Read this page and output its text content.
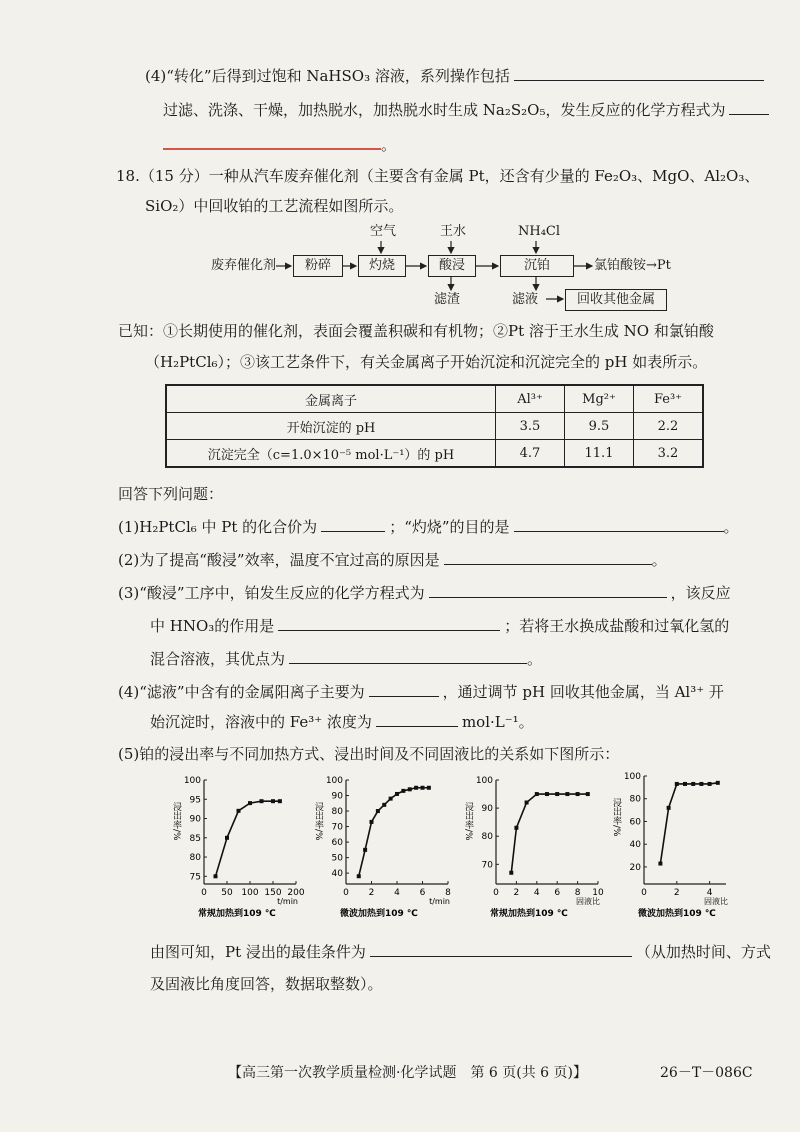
(4)“转化”后得到过饱和 NaHSO₃ 溶液，系列操作包括
过滤、洗涤、干燥，加热脱水，加热脱水时生成 Na₂S₂O₅，发生反应的化学方程式为
。
18.（15 分）一种从汽车废弃催化剂（主要含有金属 Pt，还含有少量的 Fe₂O₃、MgO、Al₂O₃、
SiO₂）中回收铂的工艺流程如图所示。
废弃催化剂	粉碎	灼烧	酸浸	沉铂	氯铂酸铵→Pt
空气	王水	NH₄Cl
滤渣	滤液	回收其他金属
已知：①长期使用的催化剂，表面会覆盖积碳和有机物；②Pt 溶于王水生成 NO 和氯铂酸
（H₂PtCl₆）；③该工艺条件下，有关金属离子开始沉淀和沉淀完全的 pH 如表所示。
金属离子	Al³⁺	Mg²⁺	Fe³⁺
开始沉淀的 pH	3.5	9.5	2.2
沉淀完全（c=1.0×10⁻⁵ mol·L⁻¹）的 pH	4.7	11.1	3.2
回答下列问题：
(1)H₂PtCl₆ 中 Pt 的化合价为	；“灼烧”的目的是	。
(2)为了提高“酸浸”效率，温度不宜过高的原因是	。
(3)“酸浸”工序中，铂发生反应的化学方程式为	，该反应
中 HNO₃的作用是	；若将王水换成盐酸和过氧化氢的
混合溶液，其优点为	。
(4)“滤液”中含有的金属阳离子主要为	，通过调节 pH 回收其他金属，当 Al³⁺ 开
始沉淀时，溶液中的 Fe³⁺ 浓度为	mol·L⁻¹。
(5)铂的浸出率与不同加热方式、浸出时间及不同固液比的关系如下图所示：
75
80
85
90
95
100
0 50 100 150 200
t/min
浸出率/%
常规加热到109 ℃
40
50
60
70
80
90
100
0 2 4 6 8
t/min
浸出率/%
微波加热到109 ℃
70
80
90
100
0 2 4 6 8 10
固液比
浸出率/%
常规加热到109 ℃
20
40
60
80
100
0	2	4
固液比
浸出率/%
微波加热到109 ℃
由图可知，Pt 浸出的最佳条件为	（从加热时间、方式
及固液比角度回答，数据取整数）。
【高三第一次教学质量检测·化学试题　第 6 页(共 6 页)】	26－T－086C
